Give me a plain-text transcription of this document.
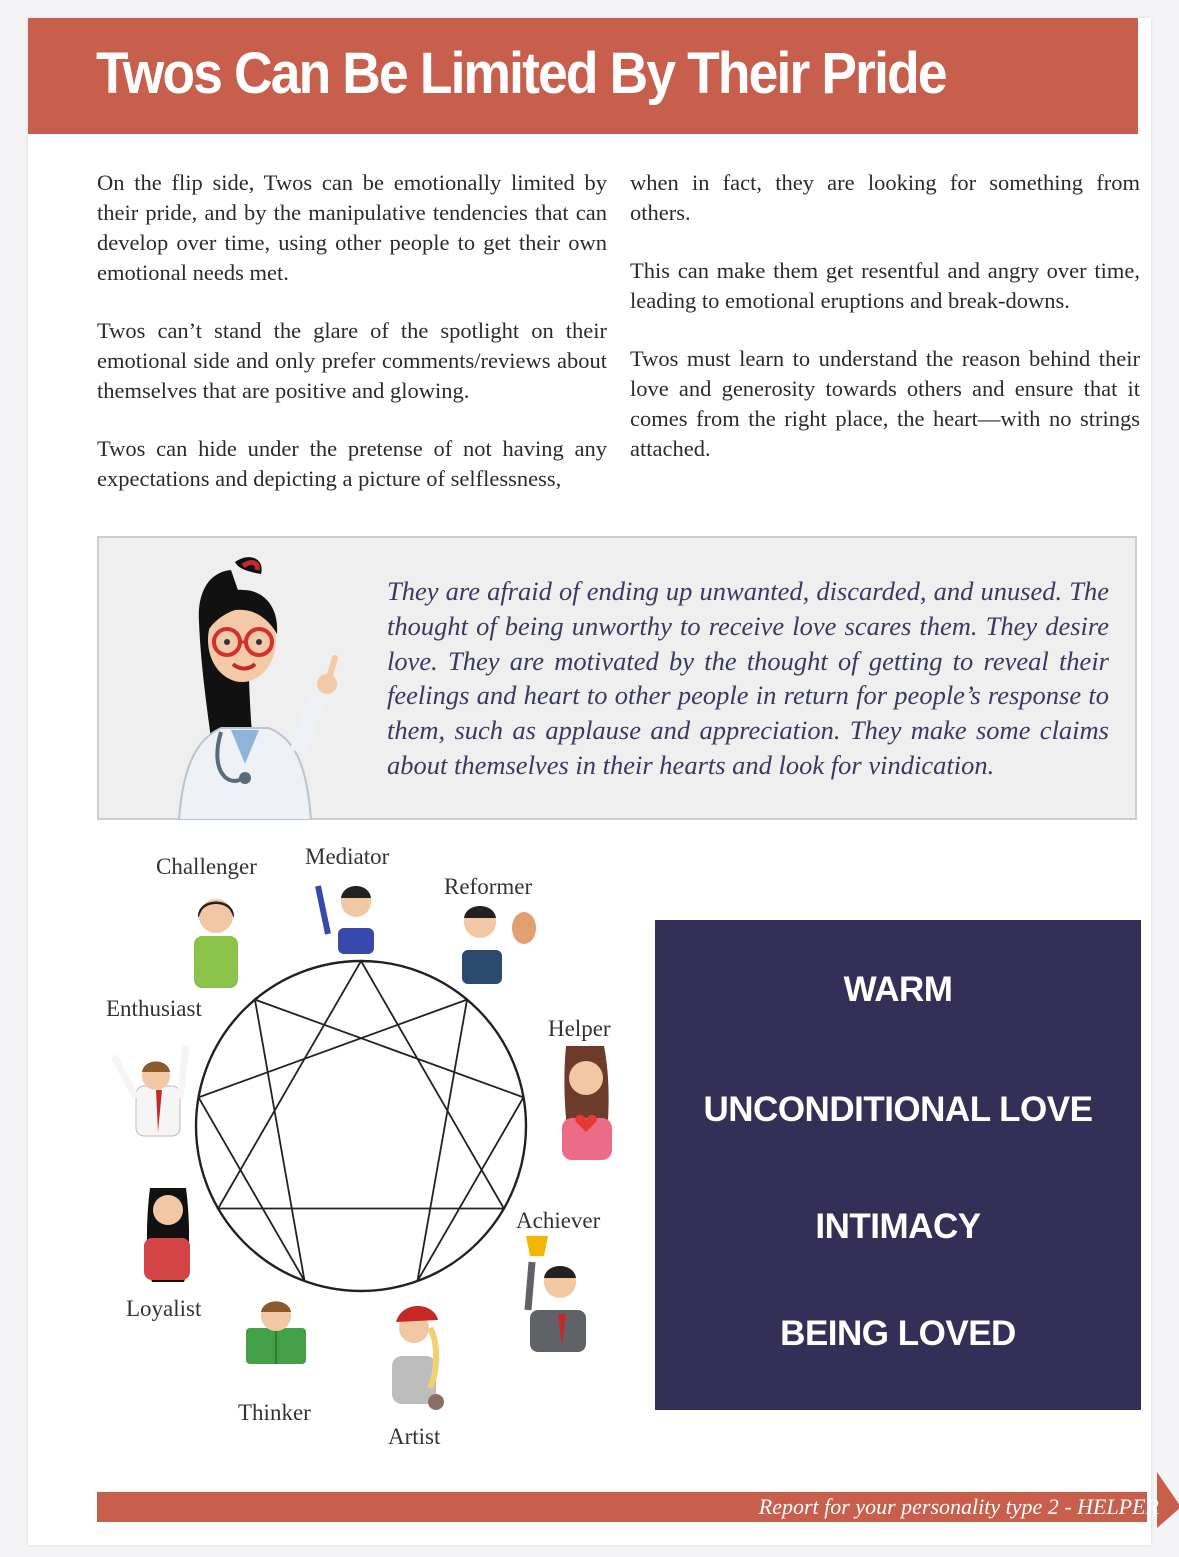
Twos Can Be Limited By Their Pride

On the flip side, Twos can be emotionally limited by their pride, and by the manipulative tendencies that can develop over time, using other people to get their own emotional needs met.

Twos can’t stand the glare of the spotlight on their emotional side and only prefer comments/reviews about themselves that are positive and glowing.

Twos can hide under the pretense of not having any expectations and depicting a picture of selflessness,

when in fact, they are looking for something from others.

This can make them get resentful and angry over time, leading to emotional eruptions and break-downs.

Twos must learn to understand the reason behind their love and generosity towards others and ensure that it comes from the right place, the heart—with no strings attached.

They are afraid of ending up unwanted, discarded, and unused. The thought of being unworthy to receive love scares them. They desire love. They are motivated by the thought of getting to reveal their feelings and heart to other people in return for people’s response to them, such as applause and appreciation. They make some claims about themselves in their hearts and look for vindication.
Mediator
Challenger
Reformer
Enthusiast
Helper
Achiever
Loyalist
Thinker
Artist
WARM
UNCONDITIONAL LOVE
INTIMACY
BEING LOVED
Report for your personality type 2 - HELPER
